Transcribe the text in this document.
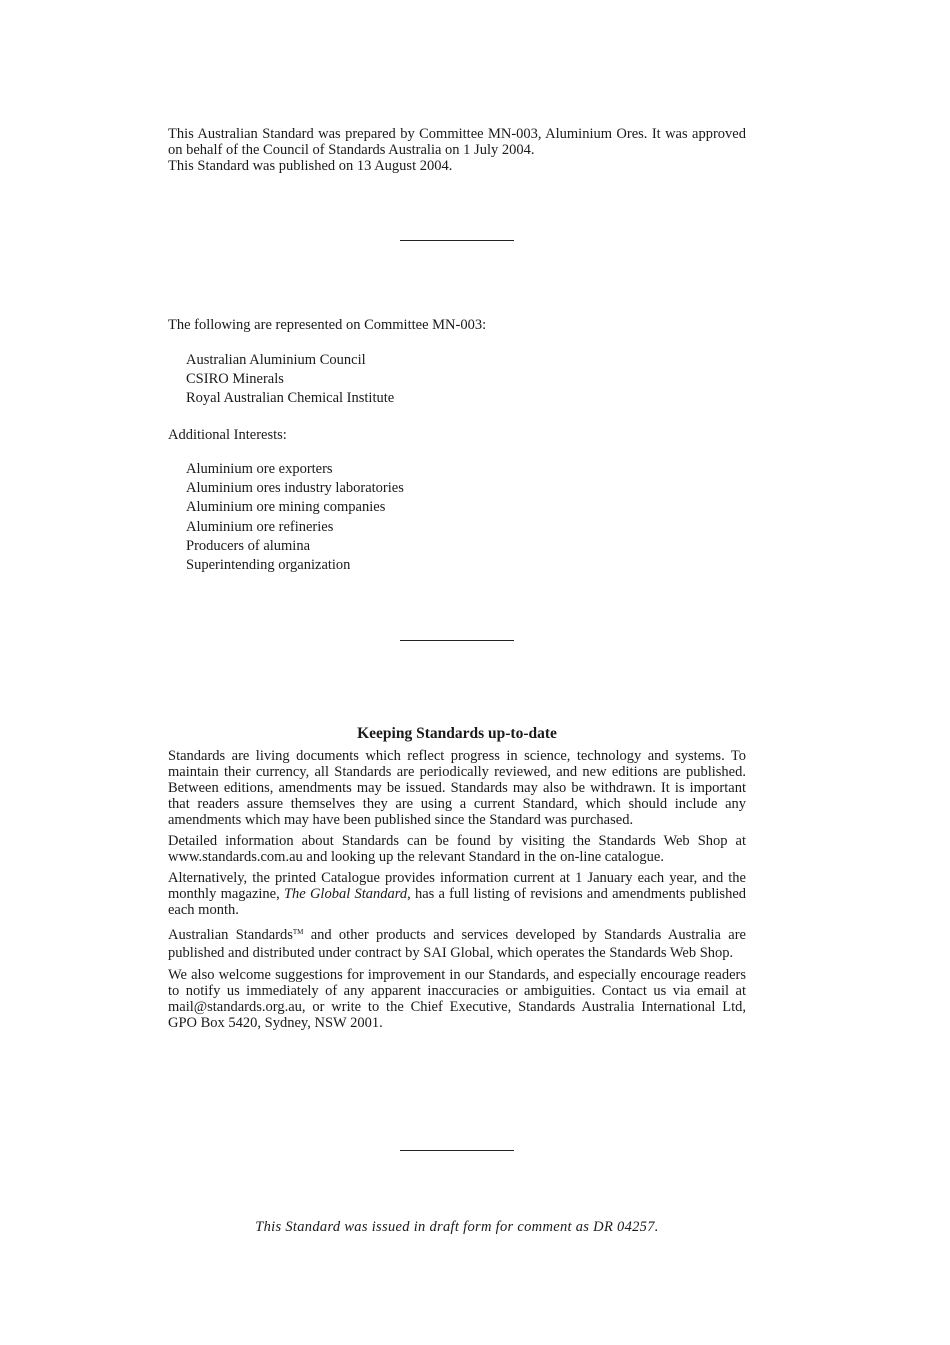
This Australian Standard was prepared by Committee MN-003, Aluminium Ores. It was approved on behalf of the Council of Standards Australia on 1 July 2004.

This Standard was published on 13 August 2004.

The following are represented on Committee MN-003:
Australian Aluminium Council
CSIRO Minerals
Royal Australian Chemical Institute
Additional Interests:
Aluminium ore exporters
Aluminium ores industry laboratories
Aluminium ore mining companies
Aluminium ore refineries
Producers of alumina
Superintending organization
Keeping Standards up-to-date

Standards are living documents which reflect progress in science, technology and systems. To maintain their currency, all Standards are periodically reviewed, and new editions are published. Between editions, amendments may be issued. Standards may also be withdrawn. It is important that readers assure themselves they are using a current Standard, which should include any amendments which may have been published since the Standard was purchased.

Detailed information about Standards can be found by visiting the Standards Web Shop at www.standards.com.au and looking up the relevant Standard in the on-line catalogue.

Alternatively, the printed Catalogue provides information current at 1 January each year, and the monthly magazine, The Global Standard, has a full listing of revisions and amendments published each month.

Australian Standards™ and other products and services developed by Standards Australia are published and distributed under contract by SAI Global, which operates the Standards Web Shop.

We also welcome suggestions for improvement in our Standards, and especially encourage readers to notify us immediately of any apparent inaccuracies or ambiguities. Contact us via email at mail@standards.org.au, or write to the Chief Executive, Standards Australia International Ltd, GPO Box 5420, Sydney, NSW 2001.

This Standard was issued in draft form for comment as DR 04257.
